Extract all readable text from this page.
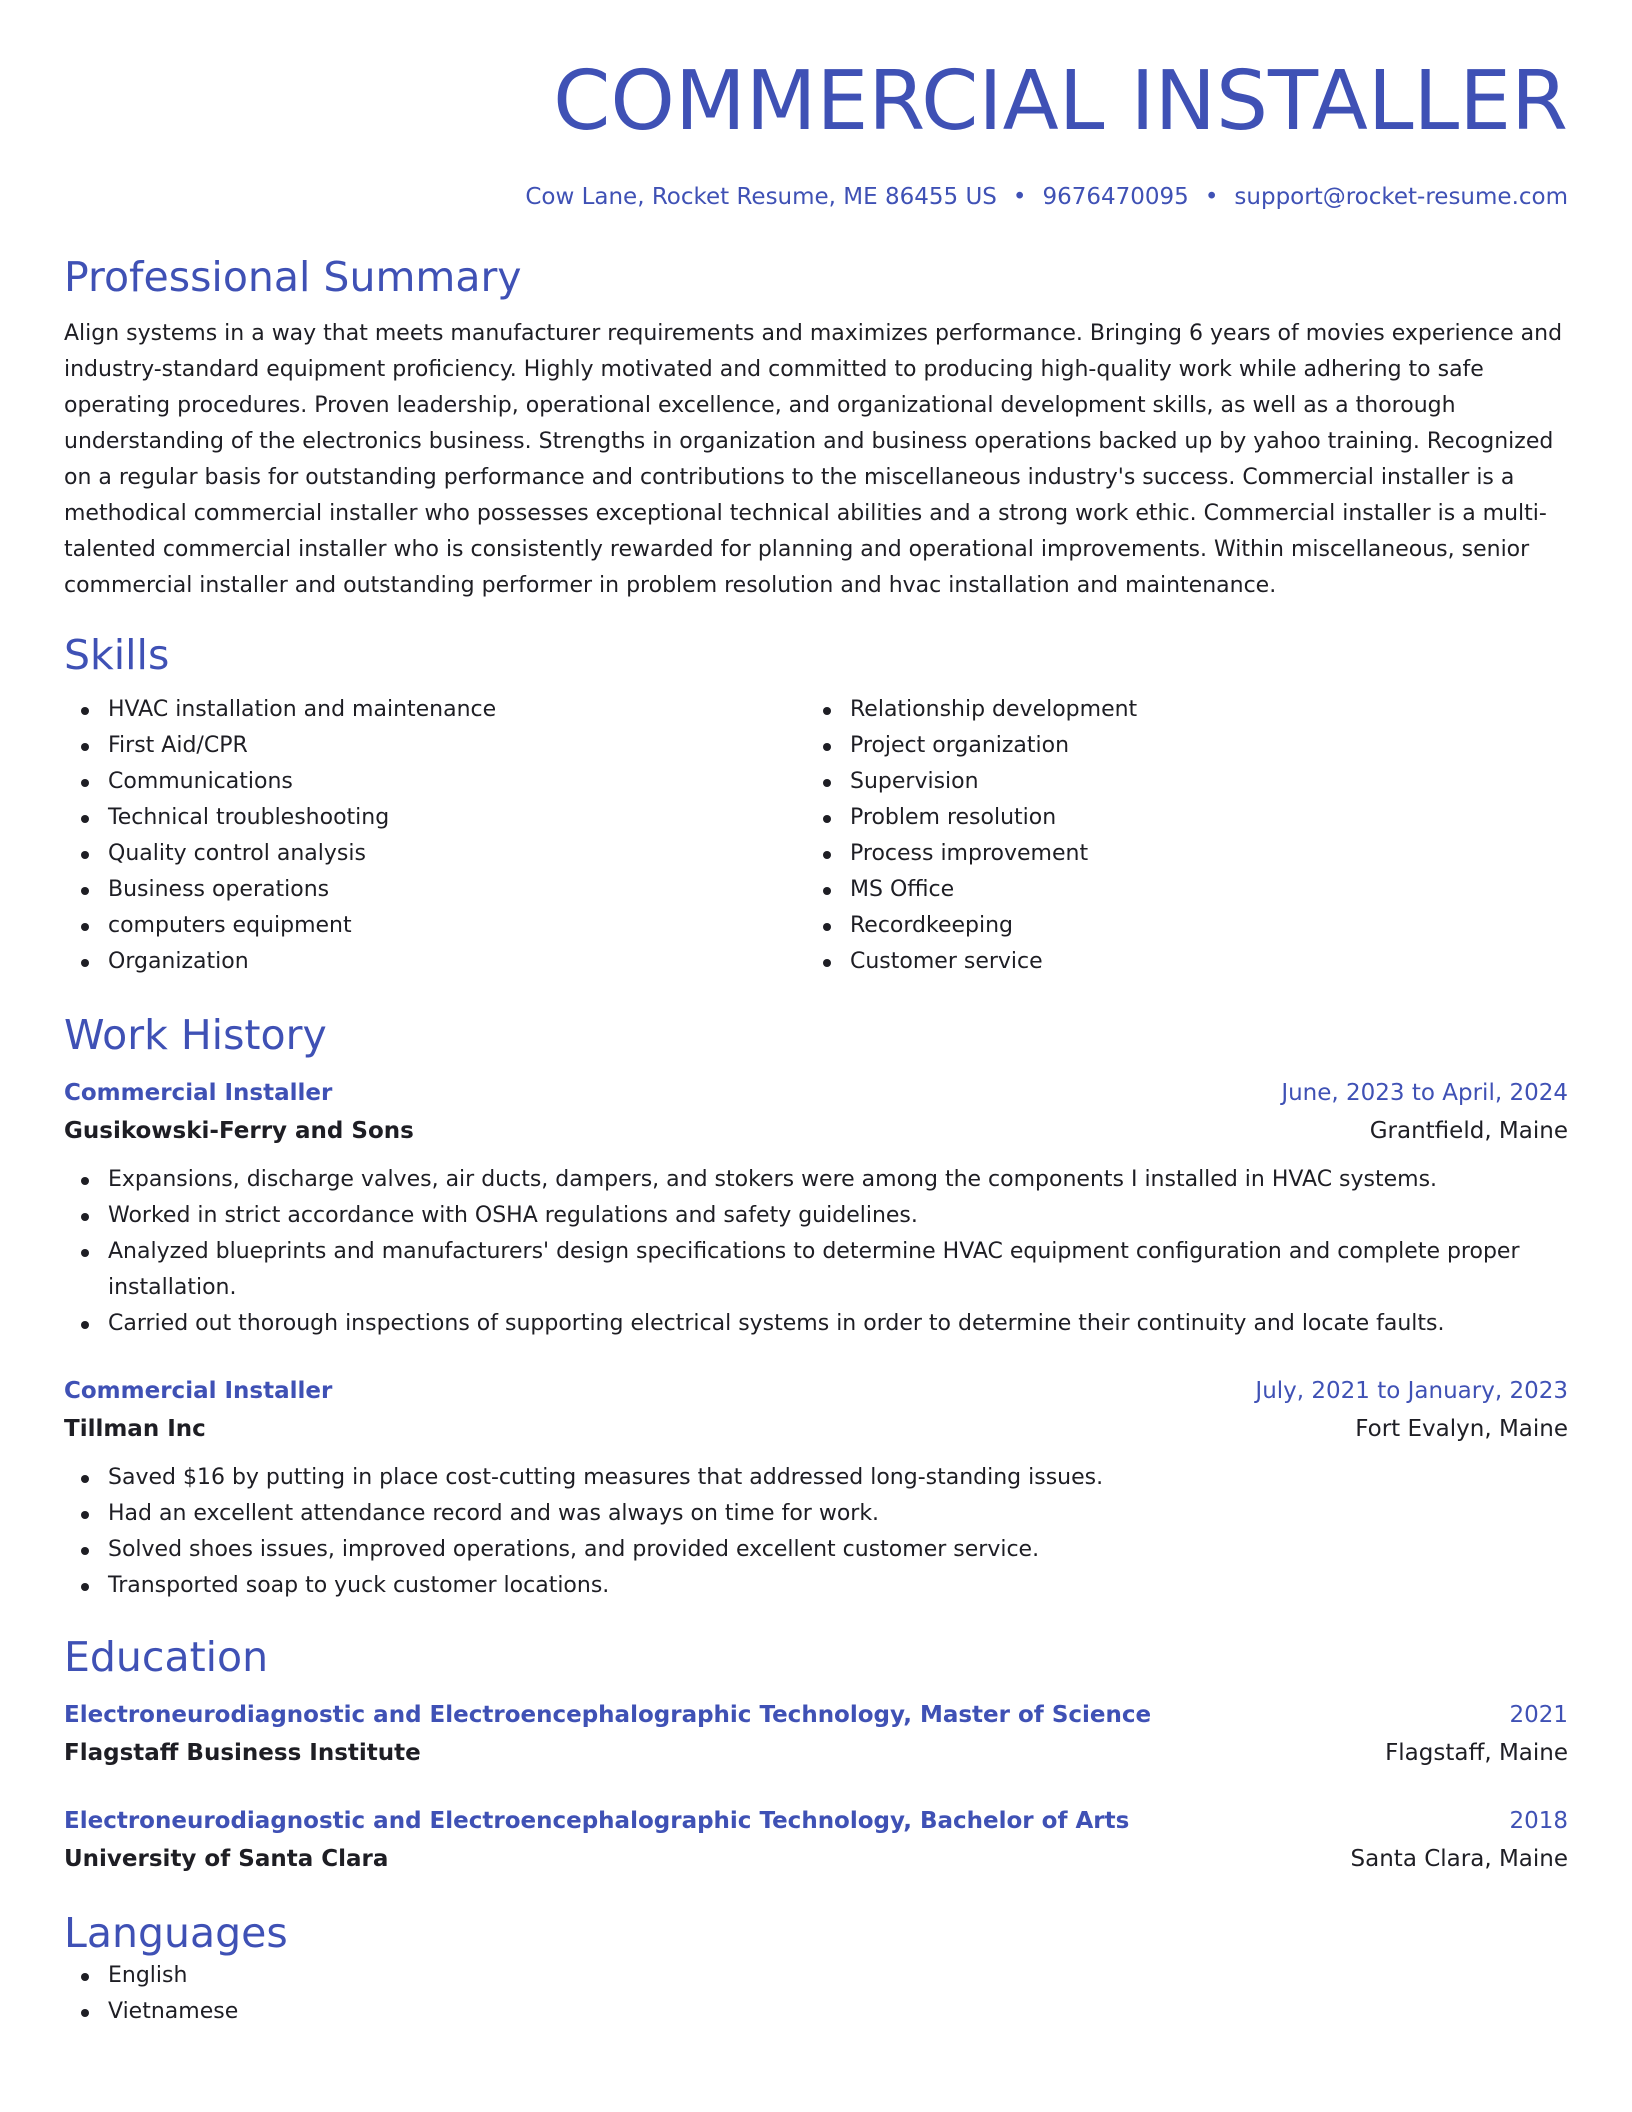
COMMERCIAL INSTALLER
Cow Lane, Rocket Resume, ME 86455 US • 9676470095 • support@rocket-resume.com
Professional Summary

Align systems in a way that meets manufacturer requirements and maximizes performance. Bringing 6 years of movies experience and industry-standard equipment proficiency. Highly motivated and committed to producing high-quality work while adhering to safe operating procedures. Proven leadership, operational excellence, and organizational development skills, as well as a thorough understanding of the electronics business. Strengths in organization and business operations backed up by yahoo training. Recognized on a regular basis for outstanding performance and contributions to the miscellaneous industry's success. Commercial installer is a methodical commercial installer who possesses exceptional technical abilities and a strong work ethic. Commercial installer is a multi-talented commercial installer who is consistently rewarded for planning and operational improvements. Within miscellaneous, senior commercial installer and outstanding performer in problem resolution and hvac installation and maintenance.

Skills
HVAC installation and maintenance
First Aid/CPR
Communications
Technical troubleshooting
Quality control analysis
Business operations
computers equipment
Organization
Relationship development
Project organization
Supervision
Problem resolution
Process improvement
MS Office
Recordkeeping
Customer service
Work History
Commercial Installer	June, 2023 to April, 2024
Gusikowski-Ferry and Sons	Grantfield, Maine
Expansions, discharge valves, air ducts, dampers, and stokers were among the components I installed in HVAC systems.
Worked in strict accordance with OSHA regulations and safety guidelines.
Analyzed blueprints and manufacturers' design specifications to determine HVAC equipment configuration and complete proper installation.
Carried out thorough inspections of supporting electrical systems in order to determine their continuity and locate faults.
Commercial Installer	July, 2021 to January, 2023
Tillman Inc	Fort Evalyn, Maine
Saved $16 by putting in place cost-cutting measures that addressed long-standing issues.
Had an excellent attendance record and was always on time for work.
Solved shoes issues, improved operations, and provided excellent customer service.
Transported soap to yuck customer locations.
Education
Electroneurodiagnostic and Electroencephalographic Technology, Master of Science	2021
Flagstaff Business Institute	Flagstaff, Maine
Electroneurodiagnostic and Electroencephalographic Technology, Bachelor of Arts	2018
University of Santa Clara	Santa Clara, Maine
Languages
English
Vietnamese
